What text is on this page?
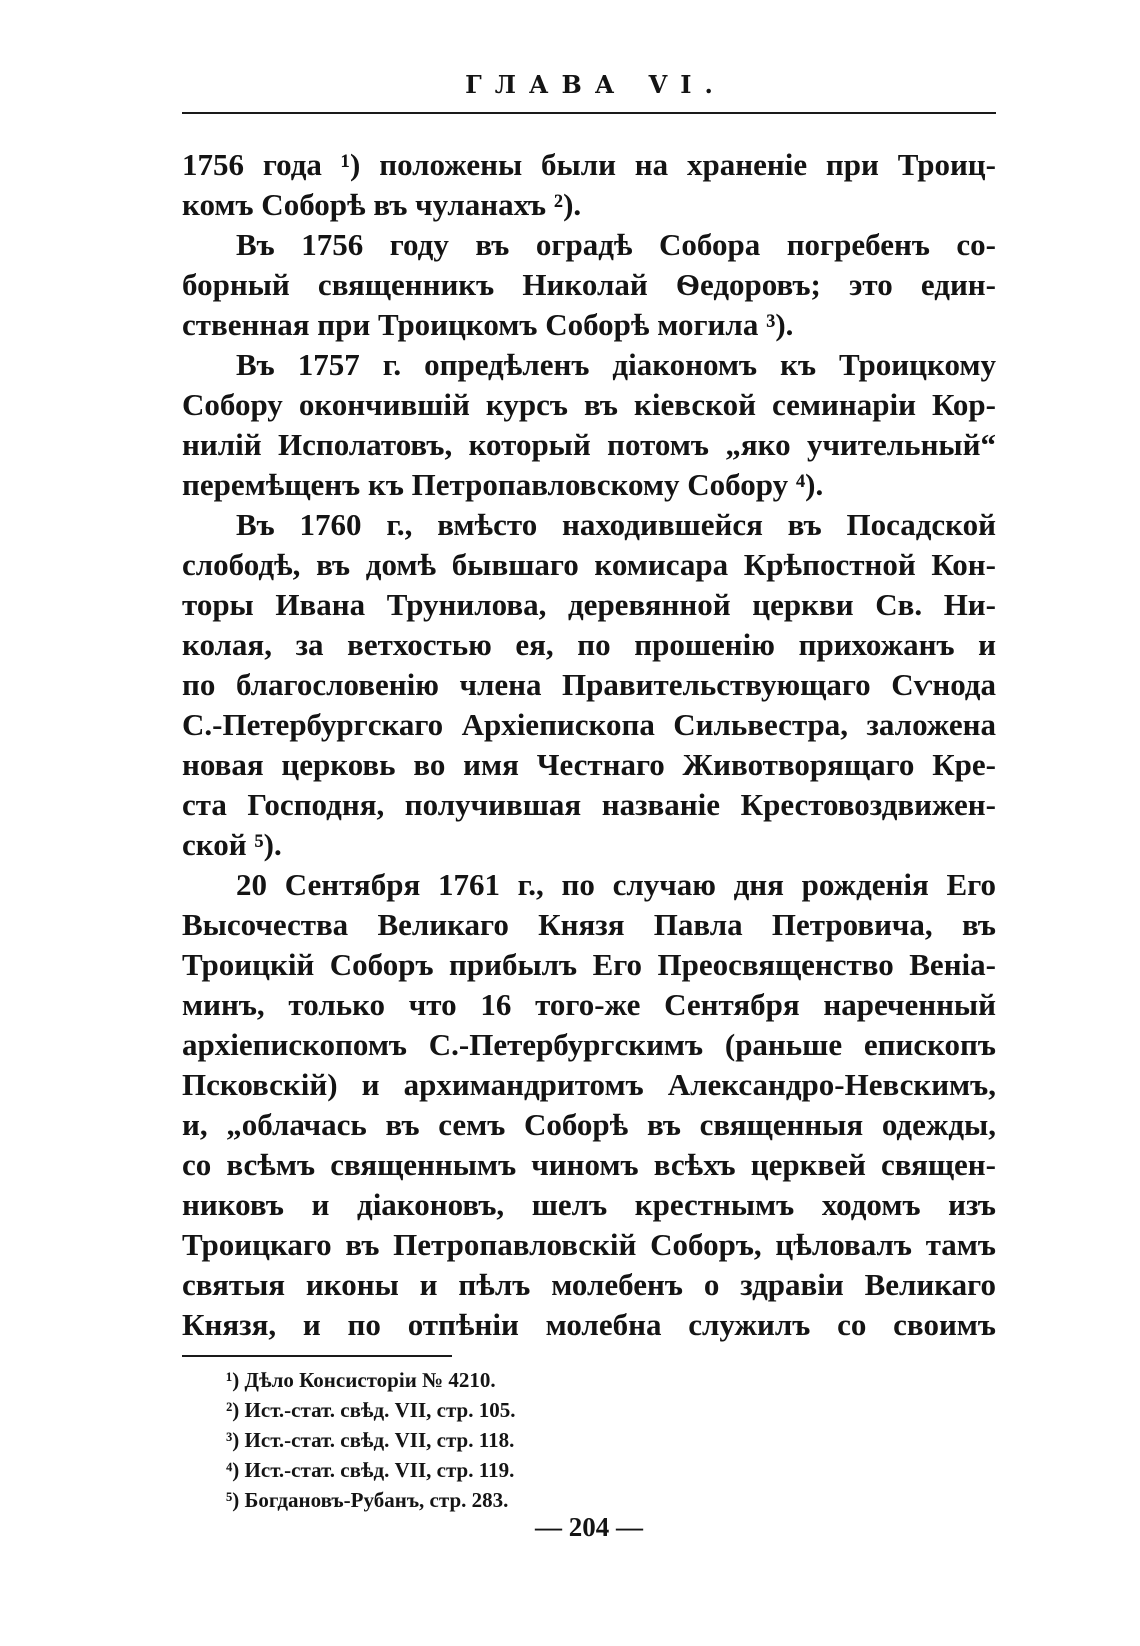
ГЛАВА VI.
1756 года ¹) положены были на храненіе при Троиц-
комъ Соборѣ въ чуланахъ ²).
Въ 1756 году въ оградѣ Собора погребенъ со-
борный священникъ Николай Ѳедоровъ; это един-
ственная при Троицкомъ Соборѣ могила ³).
Въ 1757 г. опредѣленъ діакономъ къ Троицкому
Собору окончившій курсъ въ кіевской семинаріи Кор-
нилій Исполатовъ, который потомъ „яко учительный“
перемѣщенъ къ Петропавловскому Собору ⁴).
Въ 1760 г., вмѣсто находившейся въ Посадской
слободѣ, въ домѣ бывшаго комисара Крѣпостной Кон-
торы Ивана Трунилова, деревянной церкви Св. Ни-
колая, за ветхостью ея, по прошенію прихожанъ и
по благословенію члена Правительствующаго Сѵнода
С.-Петербургскаго Архіепископа Сильвестра, заложена
новая церковь во имя Честнаго Животворящаго Кре-
ста Господня, получившая названіе Крестовоздвижен-
ской ⁵).
20 Сентября 1761 г., по случаю дня рожденія Его
Высочества Великаго Князя Павла Петровича, въ
Троицкій Соборъ прибылъ Его Преосвященство Веніа-
минъ, только что 16 того-же Сентября нареченный
архіепископомъ С.-Петербургскимъ (раньше епископъ
Псковскій) и архимандритомъ Александро-Невскимъ,
и, „облачась въ семъ Соборѣ въ священныя одежды,
со всѣмъ священнымъ чиномъ всѣхъ церквей священ-
никовъ и діаконовъ, шелъ крестнымъ ходомъ изъ
Троицкаго въ Петропавловскій Соборъ, цѣловалъ тамъ
святыя иконы и пѣлъ молебенъ о здравіи Великаго
Князя, и по отпѣніи молебна служилъ со своимъ
¹) Дѣло Консисторіи № 4210.
²) Ист.-стат. свѣд. VII, стр. 105.
³) Ист.-стат. свѣд. VII, стр. 118.
⁴) Ист.-стат. свѣд. VII, стр. 119.
⁵) Богдановъ-Рубанъ, стр. 283.
— 204 —
